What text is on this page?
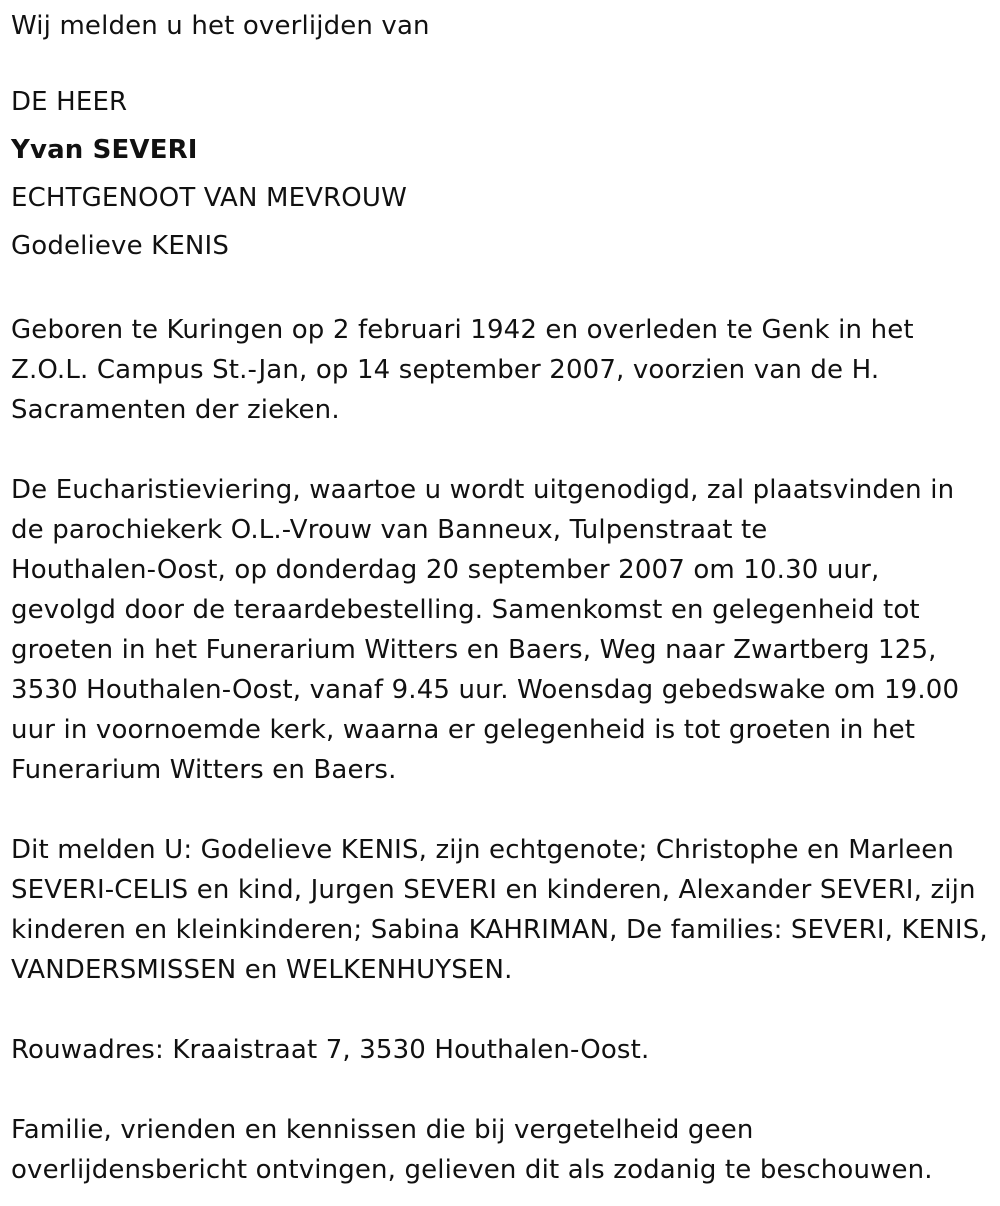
Wij melden u het overlijden van
DE HEER
Yvan SEVERI
ECHTGENOOT VAN MEVROUW
Godelieve KENIS
Geboren te Kuringen op 2 februari 1942 en overleden te Genk in het
Z.O.L. Campus St.-Jan, op 14 september 2007, voorzien van de H.
Sacramenten der zieken.
De Eucharistieviering, waartoe u wordt uitgenodigd, zal plaatsvinden in
de parochiekerk O.L.-Vrouw van Banneux, Tulpenstraat te
Houthalen-Oost, op donderdag 20 september 2007 om 10.30 uur,
gevolgd door de teraardebestelling. Samenkomst en gelegenheid tot
groeten in het Funerarium Witters en Baers, Weg naar Zwartberg 125,
3530 Houthalen-Oost, vanaf 9.45 uur. Woensdag gebedswake om 19.00
uur in voornoemde kerk, waarna er gelegenheid is tot groeten in het
Funerarium Witters en Baers.
Dit melden U: Godelieve KENIS, zijn echtgenote; Christophe en Marleen
SEVERI-CELIS en kind, Jurgen SEVERI en kinderen, Alexander SEVERI, zijn
kinderen en kleinkinderen; Sabina KAHRIMAN, De families: SEVERI, KENIS,
VANDERSMISSEN en WELKENHUYSEN.
Rouwadres: Kraaistraat 7, 3530 Houthalen-Oost.
Familie, vrienden en kennissen die bij vergetelheid geen
overlijdensbericht ontvingen, gelieven dit als zodanig te beschouwen.
